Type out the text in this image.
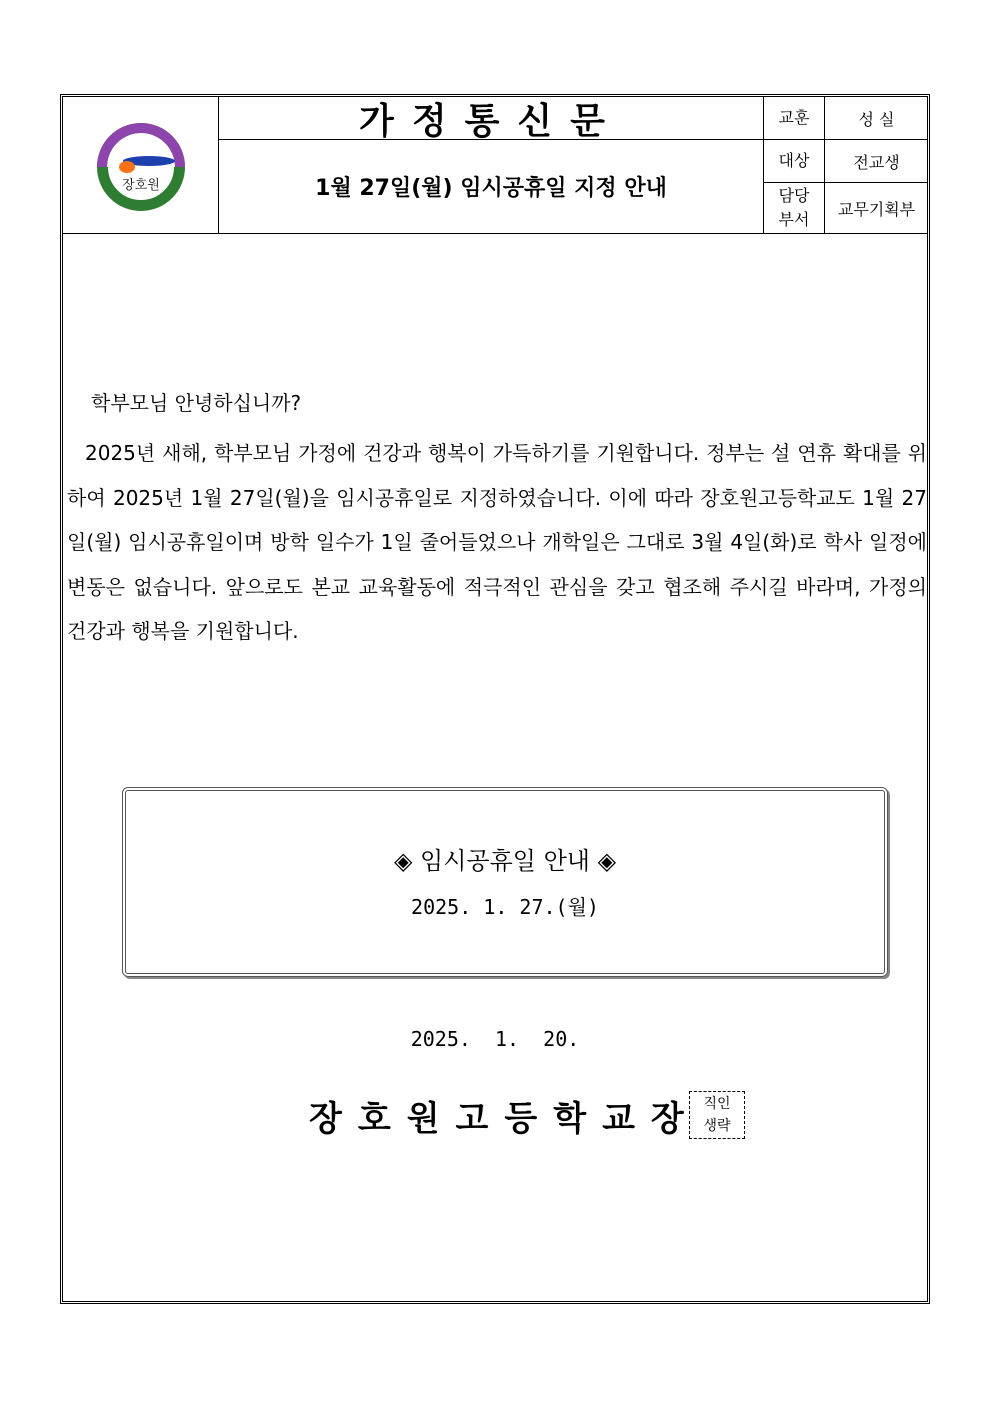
장호원
가정통신문
1월 27일(월) 임시공휴일 지정 안내
교훈	성 실
대상	전교생
담당
부서
교무기획부
학부모님 안녕하십니까?

2025년 새해, 학부모님 가정에 건강과 행복이 가득하기를 기원합니다. 정부는 설 연휴 확대를 위하여 2025년 1월 27일(월)을 임시공휴일로 지정하였습니다. 이에 따라 장호원고등학교도 1월 27일(월) 임시공휴일이며 방학 일수가 1일 줄어들었으나 개학일은 그대로 3월 4일(화)로 학사 일정에 변동은 없습니다. 앞으로도 본교 교육활동에 적극적인 관심을 갖고 협조해 주시길 바라며, 가정의 건강과 행복을 기원합니다.

◈ 임시공휴일 안내 ◈
2025. 1. 27.(월)
2025.  1.  20.
장호원고등학교장 직인
생략
